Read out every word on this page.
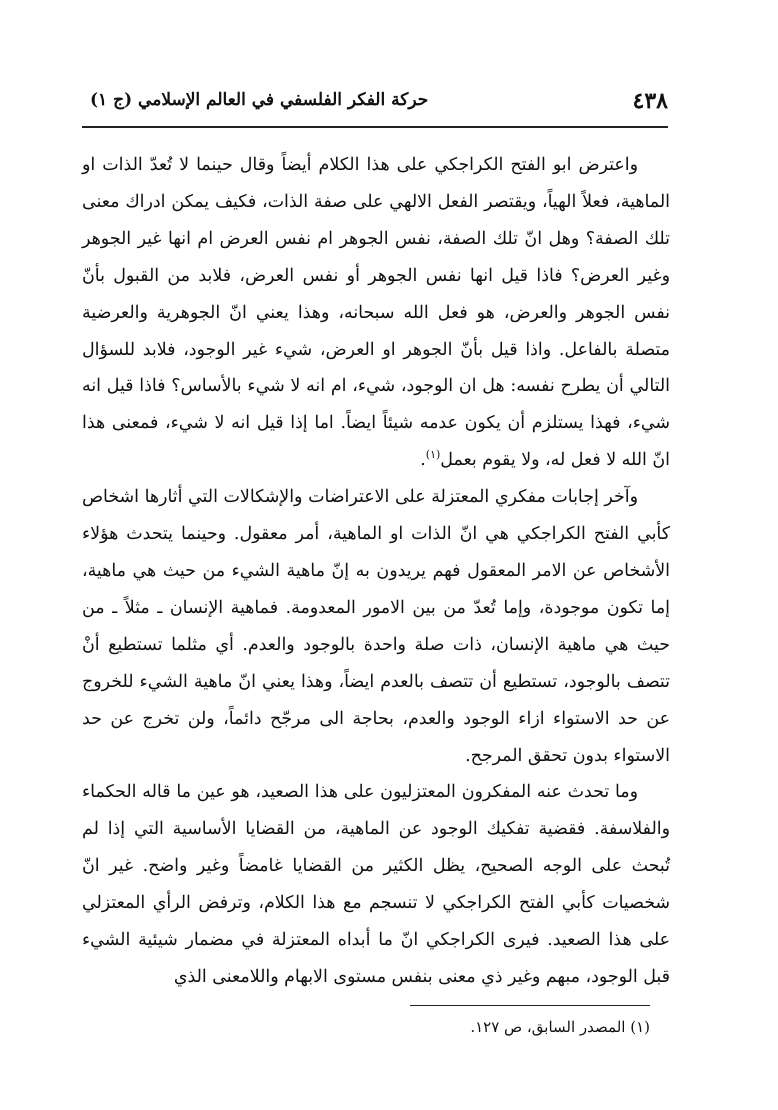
٤٣٨
حركة الفكر الفلسفي في العالم الإسلامي (ج ١)

واعترض ابو الفتح الكراجكي على هذا الكلام أيضاً وقال حينما لا تُعدّ الذات او الماهية، فعلاً الهياً، ويقتصر الفعل الالهي على صفة الذات، فكيف يمكن ادراك معنى تلك الصفة؟ وهل انّ تلك الصفة، نفس الجوهر ام نفس العرض ام انها غير الجوهر وغير العرض؟ فاذا قيل انها نفس الجوهر أو نفس العرض، فلابد من القبول بأنّ نفس الجوهر والعرض، هو فعل الله سبحانه، وهذا يعني انّ الجوهرية والعرضية متصلة بالفاعل. واذا قيل بأنّ الجوهر او العرض، شيء غير الوجود، فلابد للسؤال التالي أن يطرح نفسه: هل ان الوجود، شيء، ام انه لا شيء بالأساس؟ فاذا قيل انه شيء، فهذا يستلزم أن يكون عدمه شيئاً ايضاً. اما إذا قيل انه لا شيء، فمعنى هذا انّ الله لا فعل له، ولا يقوم بعمل$^{(١)}$.

وآخر إجابات مفكري المعتزلة على الاعتراضات والإشكالات التي أثارها اشخاص كأبي الفتح الكراجكي هي انّ الذات او الماهية، أمر معقول. وحينما يتحدث هؤلاء الأشخاص عن الامر المعقول فهم يريدون به إنّ ماهية الشيء من حيث هي ماهية، إما تكون موجودة، وإما تُعدّ من بين الامور المعدومة. فماهية الإنسان ـ مثلاً ـ من حيث هي ماهية الإنسان، ذات صلة واحدة بالوجود والعدم. أي مثلما تستطيع أنْ تتصف بالوجود، تستطيع أن تتصف بالعدم ايضاً، وهذا يعني انّ ماهية الشيء للخروج عن حد الاستواء ازاء الوجود والعدم، بحاجة الى مرجّح دائماً، ولن تخرج عن حد الاستواء بدون تحقق المرجح.

وما تحدث عنه المفكرون المعتزليون على هذا الصعيد، هو عين ما قاله الحكماء والفلاسفة. فقضية تفكيك الوجود عن الماهية، من القضايا الأساسية التي إذا لم تُبحث على الوجه الصحيح، يظل الكثير من القضايا غامضاً وغير واضح. غير انّ شخصيات كأبي الفتح الكراجكي لا تنسجم مع هذا الكلام، وترفض الرأي المعتزلي على هذا الصعيد. فيرى الكراجكي انّ ما أبداه المعتزلة في مضمار شيئية الشيء قبل الوجود، مبهم وغير ذي معنى بنفس مستوى الابهام واللامعنى الذي

(١) المصدر السابق، ص ١٢٧.
